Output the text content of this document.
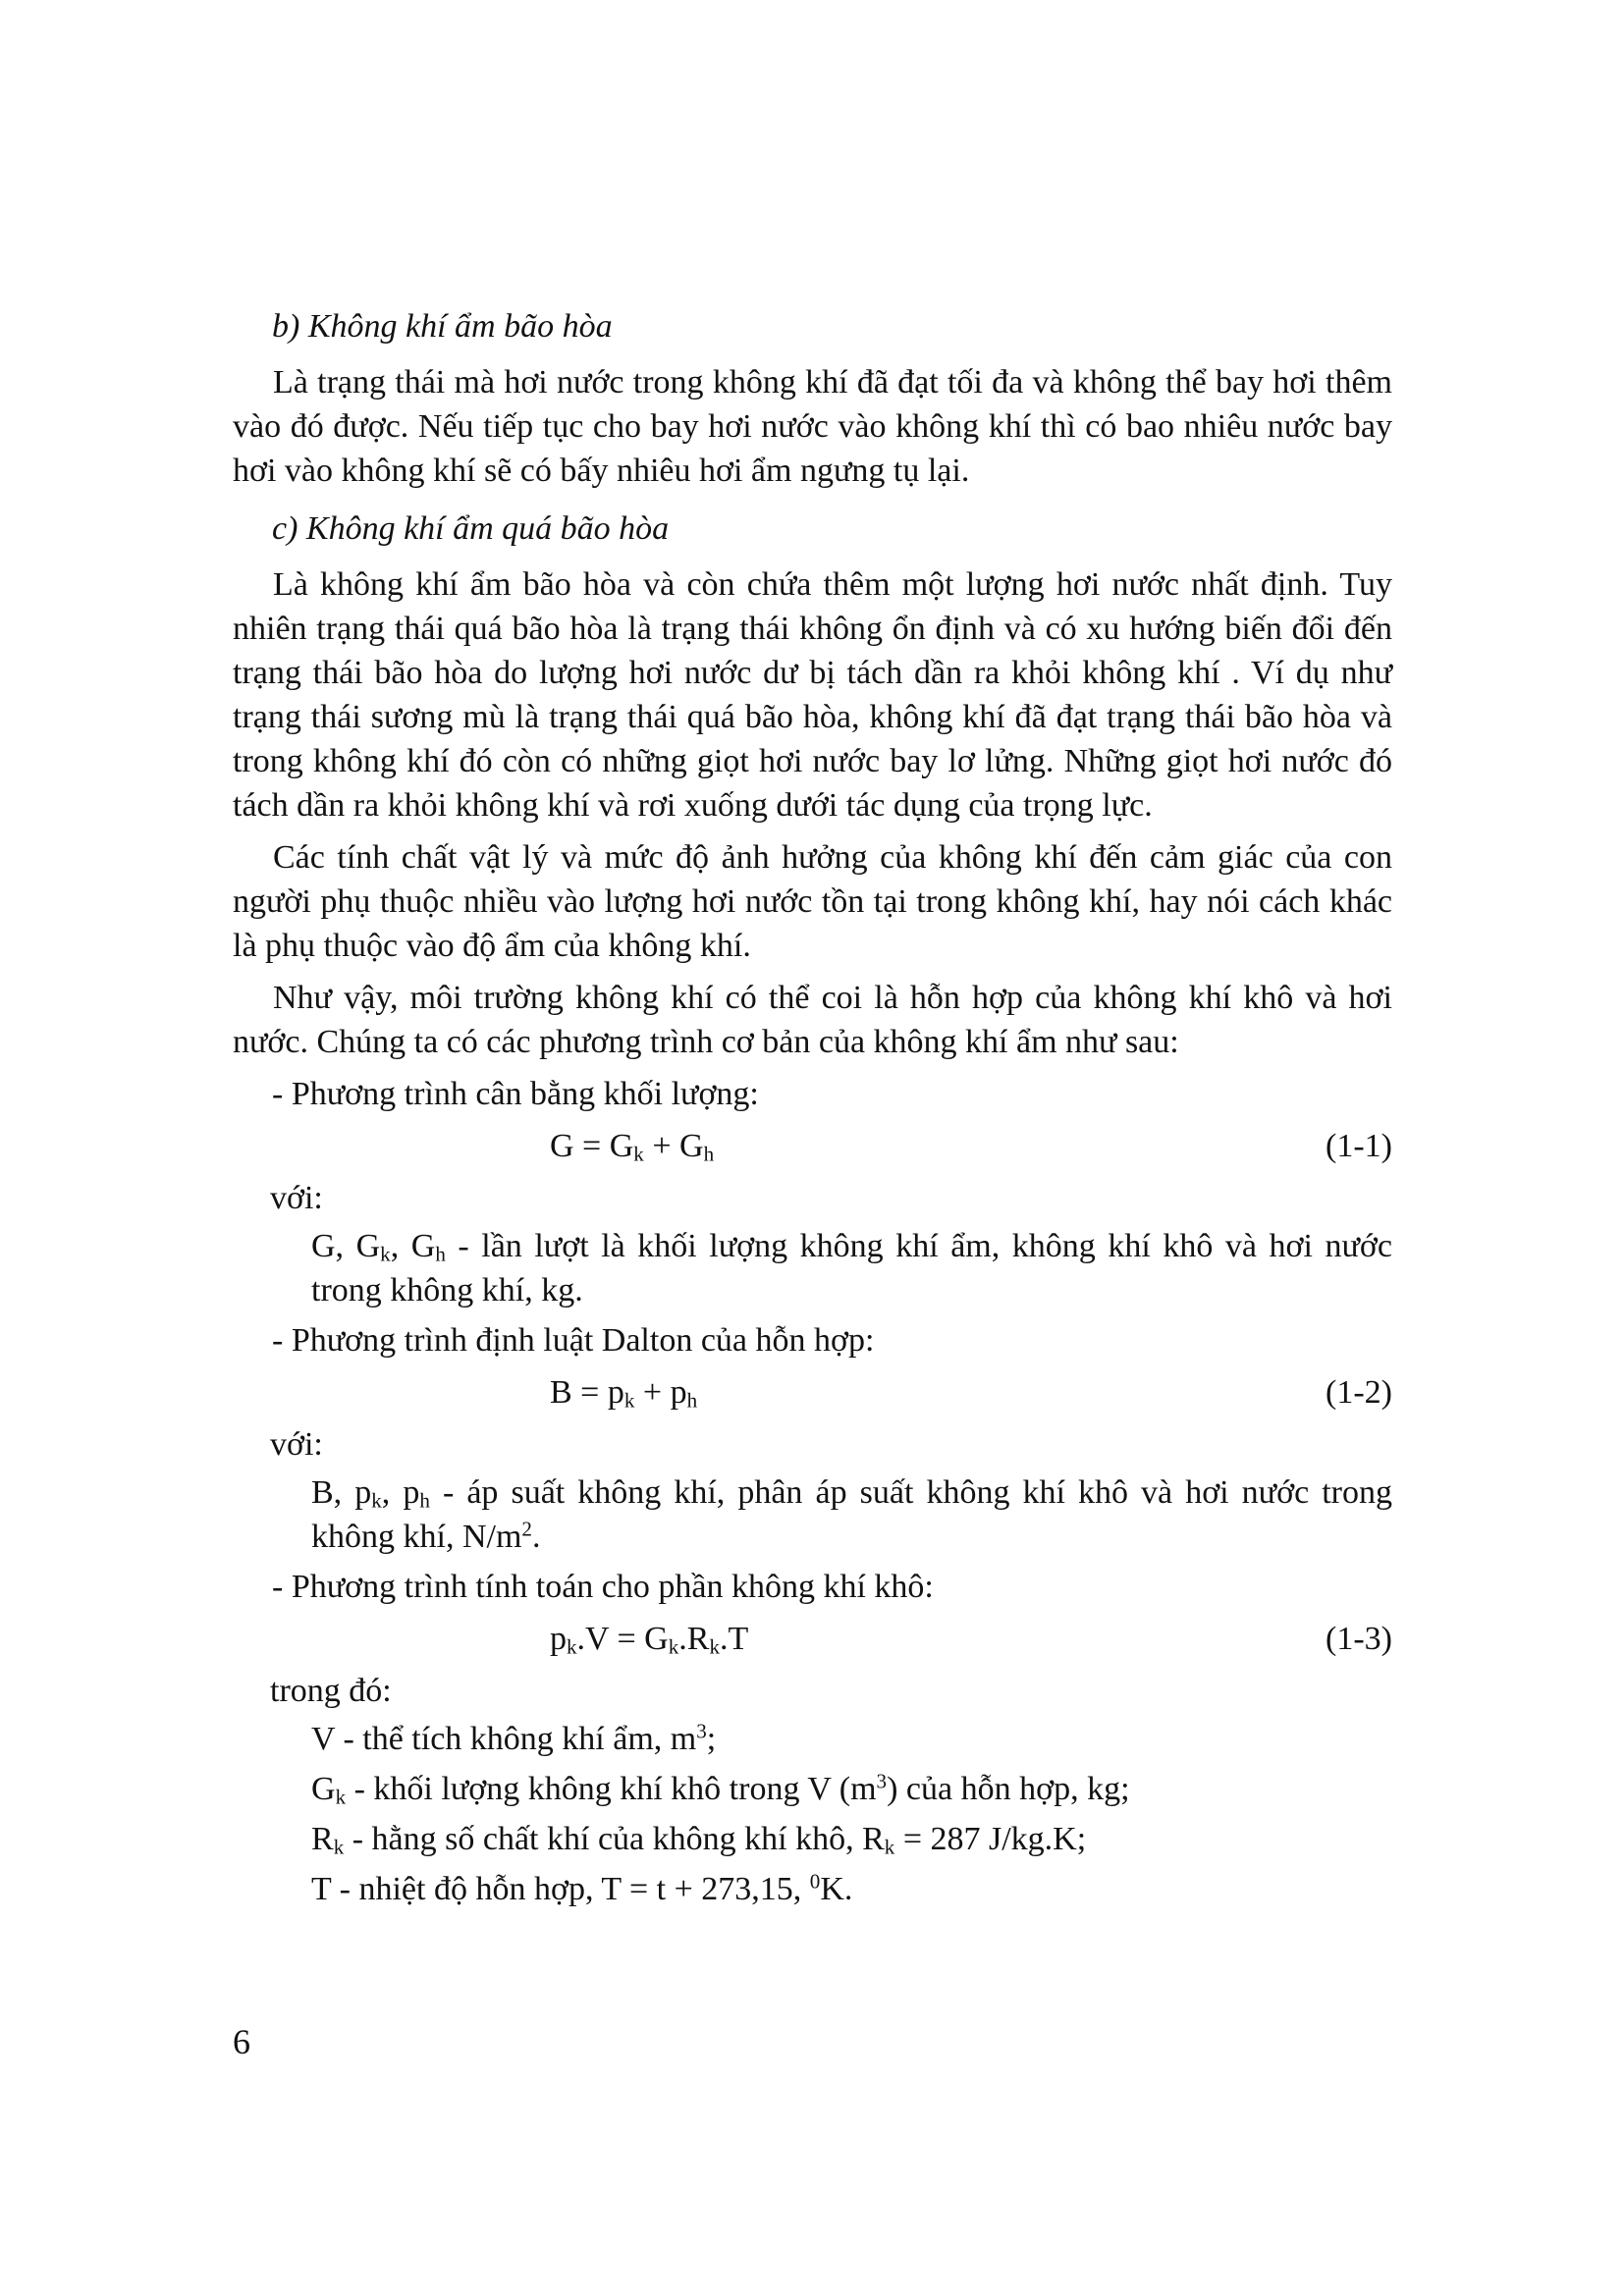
b) Không khí ẩm bão hòa

Là trạng thái mà hơi nước trong không khí đã đạt tối đa và không thể bay hơi thêm vào đó được. Nếu tiếp tục cho bay hơi nước vào không khí thì có bao nhiêu nước bay hơi vào không khí sẽ có bấy nhiêu hơi ẩm ngưng tụ lại.

c) Không khí ẩm quá bão hòa

Là không khí ẩm bão hòa và còn chứa thêm một lượng hơi nước nhất định. Tuy nhiên trạng thái quá bão hòa là trạng thái không ổn định và có xu hướng biến đổi đến trạng thái bão hòa do lượng hơi nước dư bị tách dần ra khỏi không khí . Ví dụ như trạng thái sương mù là trạng thái quá bão hòa, không khí đã đạt trạng thái bão hòa và trong không khí đó còn có những giọt hơi nước bay lơ lửng. Những giọt hơi nước đó tách dần ra khỏi không khí và rơi xuống dưới tác dụng của trọng lực.

Các tính chất vật lý và mức độ ảnh hưởng của không khí đến cảm giác của con người phụ thuộc nhiều vào lượng hơi nước tồn tại trong không khí, hay nói cách khác là phụ thuộc vào độ ẩm của không khí.

Như vậy, môi trường không khí có thể coi là hỗn hợp của không khí khô và hơi nước. Chúng ta có các phương trình cơ bản của không khí ẩm như sau:

- Phương trình cân bằng khối lượng:

$G = G_k + G_h$	(1-1)

với:

G, $G_k$, $G_h$ - lần lượt là khối lượng không khí ẩm, không khí khô và hơi nước trong không khí, kg.

- Phương trình định luật Dalton của hỗn hợp:

$B = p_k + p_h$	(1-2)

với:

B, $p_k$, $p_h$ - áp suất không khí, phân áp suất không khí khô và hơi nước trong không khí, $N/m^2$.

- Phương trình tính toán cho phần không khí khô:

$p_k.V = G_k.R_k.T$	(1-3)

trong đó:

V - thể tích không khí ẩm, $m^3$;

$G_k$ - khối lượng không khí khô trong V $(m^3)$ của hỗn hợp, kg;

$R_k$ - hằng số chất khí của không khí khô, $R_k = 287$ J/kg.K;

T - nhiệt độ hỗn hợp, T = t + 273,15, $^0$K.

6
